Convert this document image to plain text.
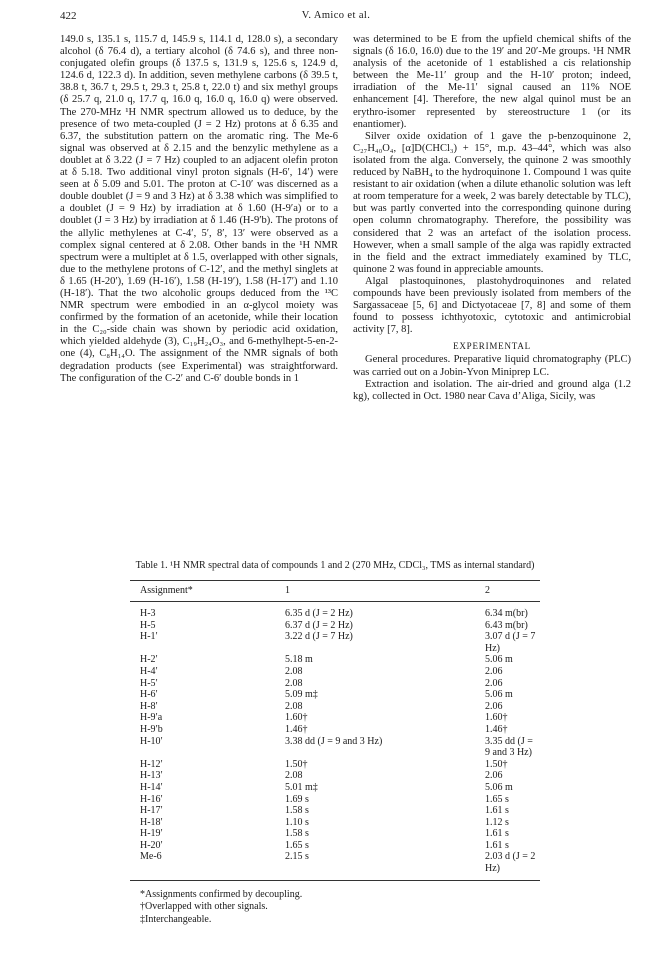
422	V. Amico et al.

149.0 s, 135.1 s, 115.7 d, 145.9 s, 114.1 d, 128.0 s), a secondary alcohol (δ 76.4 d), a tertiary alcohol (δ 74.6 s), and three non-conjugated olefin groups (δ 137.5 s, 131.9 s, 125.6 s, 124.9 d, 124.6 d, 122.3 d). In addition, seven methylene carbons (δ 39.5 t, 38.8 t, 36.7 t, 29.5 t, 29.3 t, 25.8 t, 22.0 t) and six methyl groups (δ 25.7 q, 21.0 q, 17.7 q, 16.0 q, 16.0 q, 16.0 q) were observed. The 270-MHz ¹H NMR spectrum allowed us to deduce, by the presence of two meta-coupled (J = 2 Hz) protons at δ 6.35 and 6.37, the substitution pattern on the aromatic ring. The Me-6 signal was observed at δ 2.15 and the benzylic methylene as a doublet at δ 3.22 (J = 7 Hz) coupled to an adjacent olefin proton at δ 5.18. Two additional vinyl proton signals (H-6′, 14′) were seen at δ 5.09 and 5.01. The proton at C-10′ was discerned as a double doublet (J = 9 and 3 Hz) at δ 3.38 which was simplified to a doublet (J = 9 Hz) by irradiation at δ 1.60 (H-9′a) or to a doublet (J = 3 Hz) by irradiation at δ 1.46 (H-9′b). The protons of the allylic methylenes at C-4′, 5′, 8′, 13′ were observed as a complex signal centered at δ 2.08. Other bands in the ¹H NMR spectrum were a multiplet at δ 1.5, overlapped with other signals, due to the methylene protons of C-12′, and the methyl singlets at δ 1.65 (H-20′), 1.69 (H-16′), 1.58 (H-19′), 1.58 (H-17′) and 1.10 (H-18′). That the two alcoholic groups deduced from the ¹³C NMR spectrum were embodied in an α-glycol moiety was confirmed by the formation of an acetonide, while their location in the C₂₀-side chain was shown by periodic acid oxidation, which yielded aldehyde (3), C₁₉H₂₄O₃, and 6-methylhept-5-en-2-one (4), C₈H₁₄O. The assignment of the NMR signals of both degradation products (see Experimental) was straightforward. The configuration of the C-2′ and C-6′ double bonds in 1

was determined to be E from the upfield chemical shifts of the signals (δ 16.0, 16.0) due to the 19′ and 20′-Me groups. ¹H NMR analysis of the acetonide of 1 established a cis relationship between the Me-11′ group and the H-10′ proton; indeed, irradiation of the Me-11′ signal caused an 11% NOE enhancement [4]. Therefore, the new algal quinol must be an erythro-isomer represented by stereostructure 1 (or its enantiomer).

Silver oxide oxidation of 1 gave the p-benzoquinone 2, C₂₇H₄₀O₄, [α]D(CHCl₃) + 15°, m.p. 43–44°, which was also isolated from the alga. Conversely, the quinone 2 was smoothly reduced by NaBH₄ to the hydroquinone 1. Compound 1 was quite resistant to air oxidation (when a dilute ethanolic solution was left at room temperature for a week, 2 was barely detectable by TLC), but was partly converted into the corresponding quinone during open column chromatography. Therefore, the possibility was considered that 2 was an artefact of the isolation process. However, when a small sample of the alga was rapidly extracted in the field and the extract immediately examined by TLC, quinone 2 was found in appreciable amounts.

Algal plastoquinones, plastohydroquinones and related compounds have been previously isolated from members of the Sargassaceae [5, 6] and Dictyotaceae [7, 8] and some of them found to possess ichthyotoxic, cytotoxic and antimicrobial activity [7, 8].

EXPERIMENTAL

General procedures. Preparative liquid chromatography (PLC) was carried out on a Jobin-Yvon Miniprep LC.

Extraction and isolation. The air-dried and ground alga (1.2 kg), collected in Oct. 1980 near Cava d’Aliga, Sicily, was

Table 1. ¹H NMR spectral data of compounds 1 and 2 (270 MHz, CDCl₃, TMS as internal standard)
Assignment*	1	2
H-3	6.35 d (J = 2 Hz)	6.34 m(br)
H-5	6.37 d (J = 2 Hz)	6.43 m(br)
H-1′	3.22 d (J = 7 Hz)	3.07 d (J = 7 Hz)
H-2′	5.18 m	5.06 m
H-4′	2.08	2.06
H-5′	2.08	2.06
H-6′	5.09 m‡	5.06 m
H-8′	2.08	2.06
H-9′a	1.60†	1.60†
H-9′b	1.46†	1.46†
H-10′	3.38 dd (J = 9 and 3 Hz)	3.35 dd (J = 9 and 3 Hz)
H-12′	1.50†	1.50†
H-13′	2.08	2.06
H-14′	5.01 m‡	5.06 m
H-16′	1.69 s	1.65 s
H-17′	1.58 s	1.61 s
H-18′	1.10 s	1.12 s
H-19′	1.58 s	1.61 s
H-20′	1.65 s	1.61 s
Me-6	2.15 s	2.03 d (J = 2 Hz)
*Assignments confirmed by decoupling.
†Overlapped with other signals.
‡Interchangeable.
